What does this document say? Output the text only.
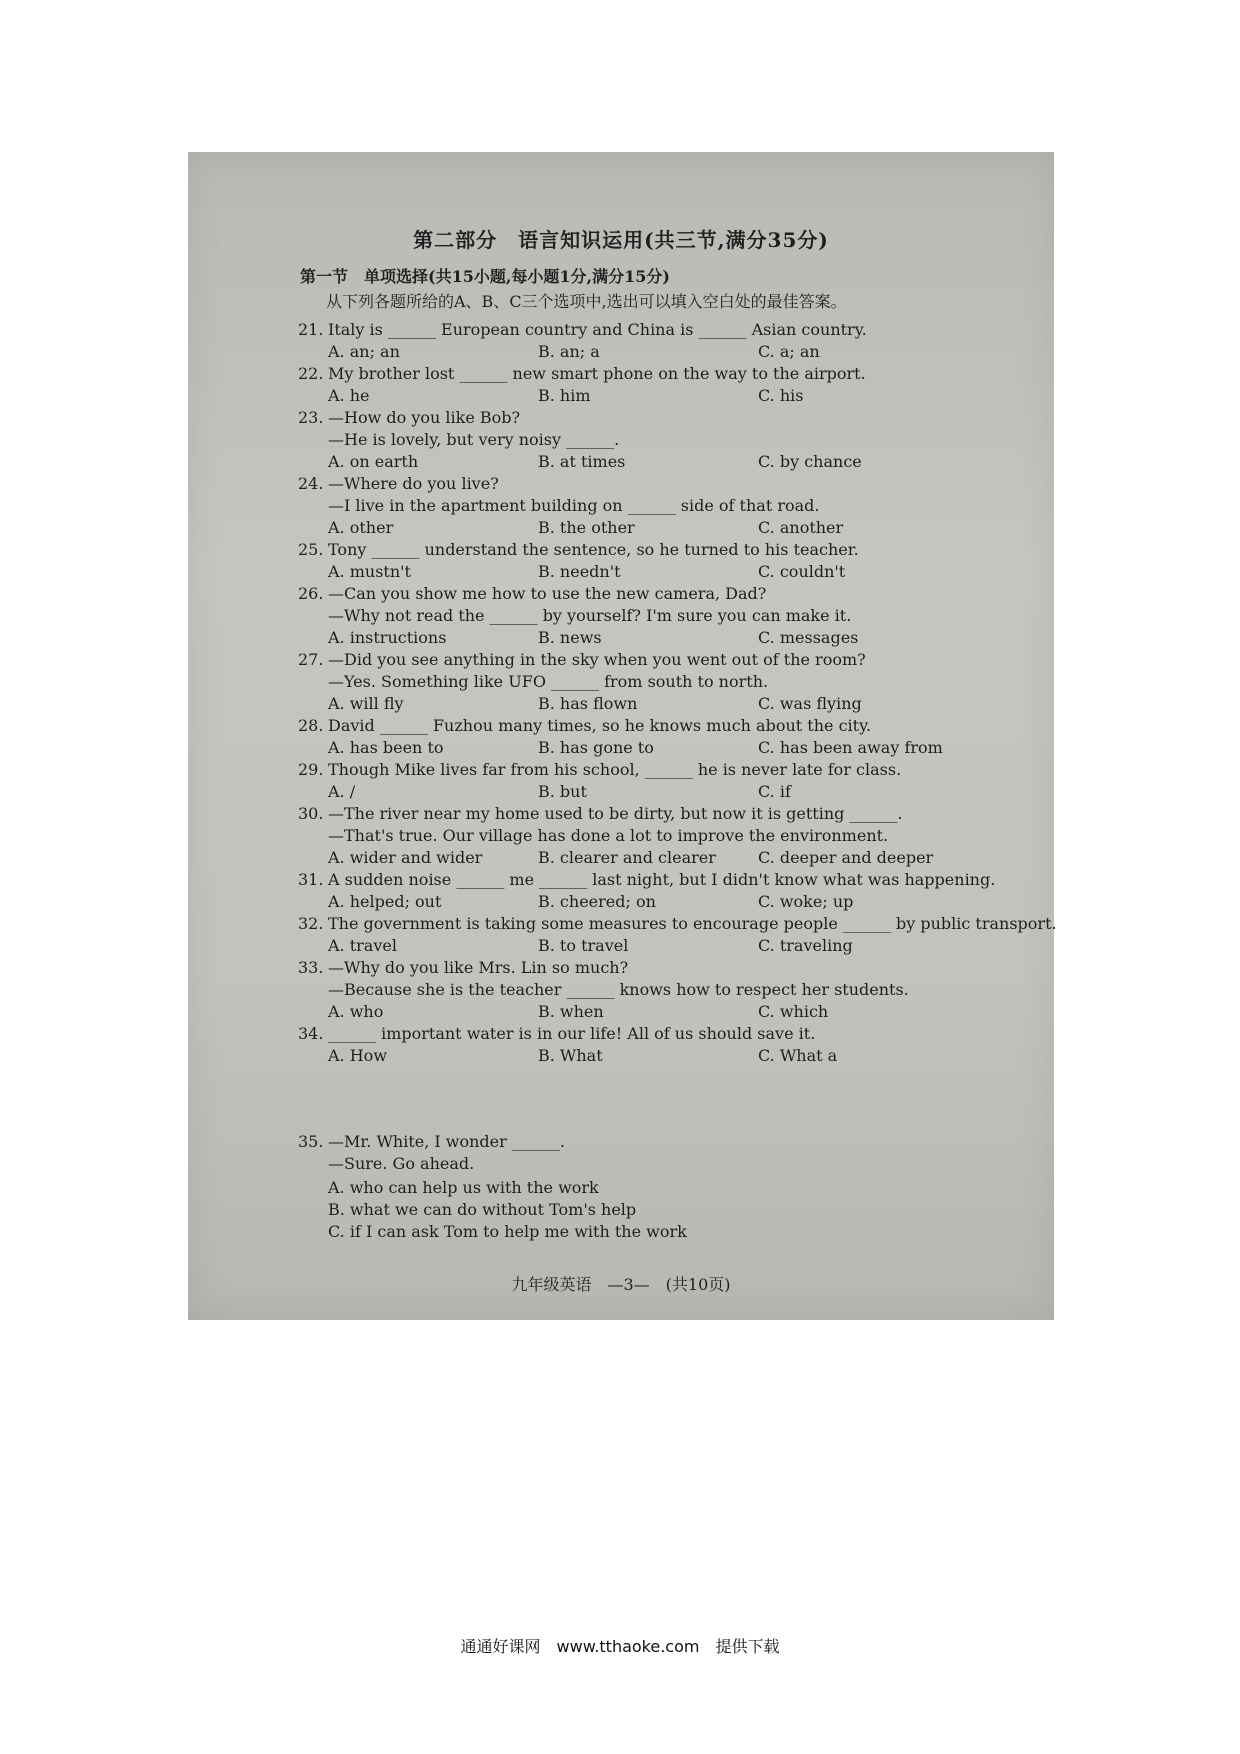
第二部分　语言知识运用(共三节,满分35分)
第一节　单项选择(共15小题,每小题1分,满分15分)
从下列各题所给的A、B、C三个选项中,选出可以填入空白处的最佳答案。
21. Italy is ______ European country and China is ______ Asian country.
A. an; an	B. an; a	C. a; an
22. My brother lost ______ new smart phone on the way to the airport.
A. he	B. him	C. his
23. —How do you like Bob?
—He is lovely, but very noisy ______.
A. on earth	B. at times	C. by chance
24. —Where do you live?
—I live in the apartment building on ______ side of that road.
A. other	B. the other	C. another
25. Tony ______ understand the sentence, so he turned to his teacher.
A. mustn't	B. needn't	C. couldn't
26. —Can you show me how to use the new camera, Dad?
—Why not read the ______ by yourself? I'm sure you can make it.
A. instructions	B. news	C. messages
27. —Did you see anything in the sky when you went out of the room?
—Yes. Something like UFO ______ from south to north.
A. will fly	B. has flown	C. was flying
28. David ______ Fuzhou many times, so he knows much about the city.
A. has been to	B. has gone to	C. has been away from
29. Though Mike lives far from his school, ______ he is never late for class.
A. /	B. but	C. if
30. —The river near my home used to be dirty, but now it is getting ______.
—That's true. Our village has done a lot to improve the environment.
A. wider and wider	B. clearer and clearer	C. deeper and deeper
31. A sudden noise ______ me ______ last night, but I didn't know what was happening.
A. helped; out	B. cheered; on	C. woke; up
32. The government is taking some measures to encourage people ______ by public transport.
A. travel	B. to travel	C. traveling
33. —Why do you like Mrs. Lin so much?
—Because she is the teacher ______ knows how to respect her students.
A. who	B. when	C. which
34. ______ important water is in our life! All of us should save it.
A. How	B. What	C. What a
35. —Mr. White, I wonder ______.
—Sure. Go ahead.
A. who can help us with the work
B. what we can do without Tom's help
C. if I can ask Tom to help me with the work
九年级英语　—3—　(共10页)
通通好课网　www.tthaoke.com　提供下载
